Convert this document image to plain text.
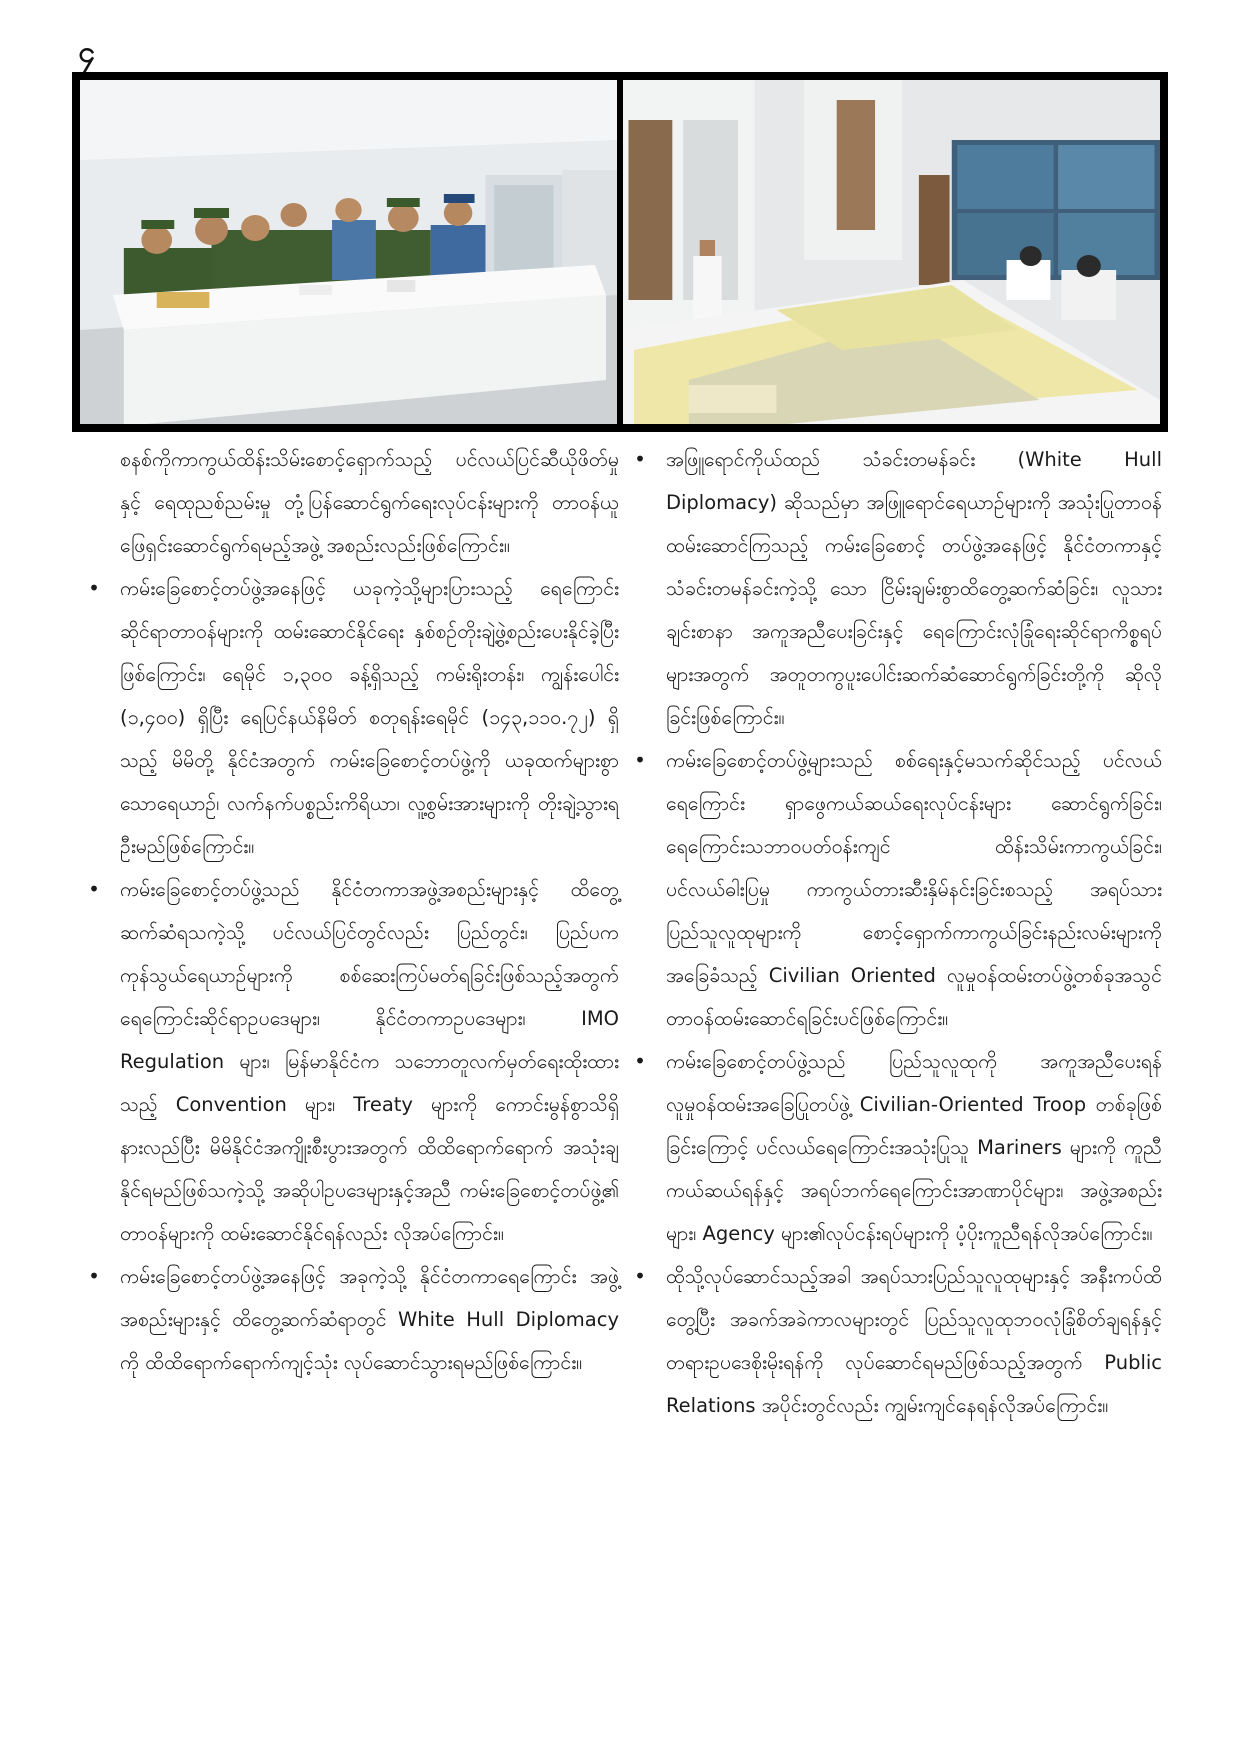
၄

စနစ်ကိုကာကွယ်ထိန်းသိမ်းစောင့်ရှောက်သည့် ပင်လယ်ပြင်ဆီယိုဖိတ်မှုနှင့် ရေထုညစ်ညမ်းမှု တုံ့ပြန်ဆောင်ရွက်ရေးလုပ်ငန်းများကို တာဝန်ယူဖြေရှင်းဆောင်ရွက်ရမည့်အဖွဲ့ အစည်းလည်းဖြစ်ကြောင်း။

• ကမ်းခြေစောင့်တပ်ဖွဲ့အနေဖြင့် ယခုကဲ့သို့များပြားသည့် ရေကြောင်းဆိုင်ရာတာဝန်များကို ထမ်းဆောင်နိုင်ရေး နှစ်စဉ်တိုးချဲ့ဖွဲ့စည်းပေးနိုင်ခဲ့ပြီးဖြစ်ကြောင်း၊ ရေမိုင် ၁,၃၀၀ ခန့်ရှိသည့် ကမ်းရိုးတန်း၊ ကျွန်းပေါင်း (၁,၄၀၀) ရှိပြီး ရေပြင်နယ်နိမိတ် စတုရန်းရေမိုင် (၁၄၃,၁၁၀.၇၂) ရှိသည့် မိမိတို့ နိုင်ငံအတွက် ကမ်းခြေစောင့်တပ်ဖွဲ့ကို ယခုထက်များစွာ သောရေယာဉ်၊ လက်နက်ပစ္စည်းကိရိယာ၊ လူ့စွမ်းအားများကို တိုးချဲ့သွားရဦးမည်ဖြစ်ကြောင်း။
• ကမ်းခြေစောင့်တပ်ဖွဲ့သည် နိုင်ငံတကာအဖွဲ့အစည်းများနှင့် ထိတွေ့ဆက်ဆံရသကဲ့သို့ ပင်လယ်ပြင်တွင်လည်း ပြည်တွင်း၊ ပြည်ပက ကုန်သွယ်ရေယာဉ်များကို စစ်ဆေးကြပ်မတ်ရခြင်းဖြစ်သည့်အတွက် ရေကြောင်းဆိုင်ရာဥပဒေများ၊ နိုင်ငံတကာဥပဒေများ၊ IMO Regulation များ၊ မြန်မာနိုင်ငံက သဘောတူလက်မှတ်ရေးထိုးထားသည့် Convention များ၊ Treaty များကို ကောင်းမွန်စွာသိရှိနားလည်ပြီး မိမိနိုင်ငံအကျိုးစီးပွားအတွက် ထိထိရောက်ရောက် အသုံးချနိုင်ရမည်ဖြစ်သကဲ့သို့ အဆိုပါဥပဒေများနှင့်အညီ ကမ်းခြေစောင့်တပ်ဖွဲ့၏ တာဝန်များကို ထမ်းဆောင်နိုင်ရန်လည်း လိုအပ်ကြောင်း။
• ကမ်းခြေစောင့်တပ်ဖွဲ့အနေဖြင့် အခုကဲ့သို့ နိုင်ငံတကာရေကြောင်း အဖွဲ့အစည်းများနှင့် ထိတွေ့ဆက်ဆံရာတွင် White Hull Diplomacy ကို ထိထိရောက်ရောက်ကျင့်သုံး လုပ်ဆောင်သွားရမည်ဖြစ်ကြောင်း။
• အဖြူရောင်ကိုယ်ထည် သံခင်းတမန်ခင်း (White Hull Diplomacy) ဆိုသည်မှာ အဖြူရောင်ရေယာဉ်များကို အသုံးပြုတာဝန်ထမ်းဆောင်ကြသည့် ကမ်းခြေစောင့် တပ်ဖွဲ့အနေဖြင့် နိုင်ငံတကာနှင့် သံခင်းတမန်ခင်းကဲ့သို့ သော ငြိမ်းချမ်းစွာထိတွေ့ဆက်ဆံခြင်း၊ လူသားချင်းစာနာ အကူအညီပေးခြင်းနှင့် ရေကြောင်းလုံခြုံရေးဆိုင်ရာကိစ္စရပ်များအတွက် အတူတကွပူးပေါင်းဆက်ဆံဆောင်ရွက်ခြင်းတို့ကို ဆိုလိုခြင်းဖြစ်ကြောင်း။
• ကမ်းခြေစောင့်တပ်ဖွဲ့များသည် စစ်ရေးနှင့်မသက်ဆိုင်သည့် ပင်လယ်ရေကြောင်း ရှာဖွေကယ်ဆယ်ရေးလုပ်ငန်းများ ဆောင်ရွက်ခြင်း၊ ရေကြောင်းသဘာဝပတ်ဝန်းကျင် ထိန်းသိမ်းကာကွယ်ခြင်း၊ ပင်လယ်ဓါးပြမှု ကာကွယ်တားဆီးနှိမ်နင်းခြင်းစသည့် အရပ်သားပြည်သူလူထုများကို စောင့်ရှောက်ကာကွယ်ခြင်းနည်းလမ်းများကို အခြေခံသည့် Civilian Oriented လူမှုဝန်ထမ်းတပ်ဖွဲ့တစ်ခုအသွင် တာဝန်ထမ်းဆောင်ရခြင်းပင်ဖြစ်ကြောင်း။
• ကမ်းခြေစောင့်တပ်ဖွဲ့သည် ပြည်သူလူထုကို အကူအညီပေးရန် လူမှုဝန်ထမ်းအခြေပြုတပ်ဖွဲ့ Civilian-Oriented Troop တစ်ခုဖြစ်ခြင်းကြောင့် ပင်လယ်ရေကြောင်းအသုံးပြုသူ Mariners များကို ကူညီကယ်ဆယ်ရန်နှင့် အရပ်ဘက်ရေကြောင်းအာဏာပိုင်များ၊ အဖွဲ့အစည်းများ၊ Agency များ၏လုပ်ငန်းရပ်များကို ပံ့ပိုးကူညီရန်လိုအပ်ကြောင်း။
• ထိုသို့လုပ်ဆောင်သည့်အခါ အရပ်သားပြည်သူလူထုများနှင့် အနီးကပ်ထိတွေ့ပြီး အခက်အခဲကာလများတွင် ပြည်သူလူထုဘဝလုံခြုံစိတ်ချရန်နှင့် တရားဥပဒေစိုးမိုးရန်ကို လုပ်ဆောင်ရမည်ဖြစ်သည့်အတွက် Public Relations အပိုင်းတွင်လည်း ကျွမ်းကျင်နေရန်လိုအပ်ကြောင်း။
